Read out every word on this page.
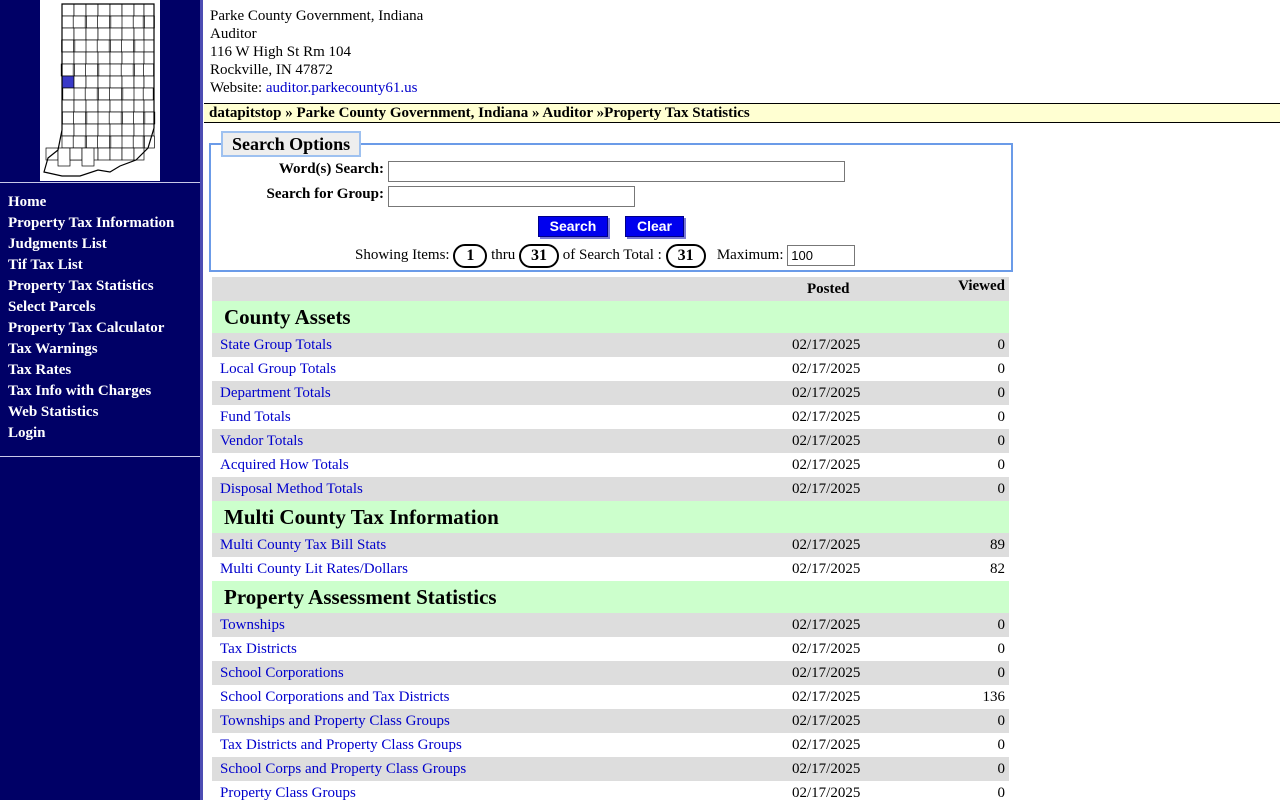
Home
Property Tax Information
Judgments List
Tif Tax List
Property Tax Statistics
Select Parcels
Property Tax Calculator
Tax Warnings
Tax Rates
Tax Info with Charges
Web Statistics
Login
Parke County Government, Indiana
Auditor
116 W High St Rm 104
Rockville, IN 47872
Website: auditor.parkecounty61.us
datapitstop » Parke County Government, Indiana » Auditor »Property Tax Statistics
Search Options
Word(s) Search:
Search for Group:
Search	Clear
Showing Items: 1 thru 31 of Search Total : 31 Maximum: 100
Posted	Viewed
County Assets
State Group Totals	02/17/2025	0
Local Group Totals	02/17/2025	0
Department Totals	02/17/2025	0
Fund Totals	02/17/2025	0
Vendor Totals	02/17/2025	0
Acquired How Totals	02/17/2025	0
Disposal Method Totals	02/17/2025	0
Multi County Tax Information
Multi County Tax Bill Stats	02/17/2025	89
Multi County Lit Rates/Dollars	02/17/2025	82
Property Assessment Statistics
Townships	02/17/2025	0
Tax Districts	02/17/2025	0
School Corporations	02/17/2025	0
School Corporations and Tax Districts	02/17/2025	136
Townships and Property Class Groups	02/17/2025	0
Tax Districts and Property Class Groups	02/17/2025	0
School Corps and Property Class Groups	02/17/2025	0
Property Class Groups	02/17/2025	0
